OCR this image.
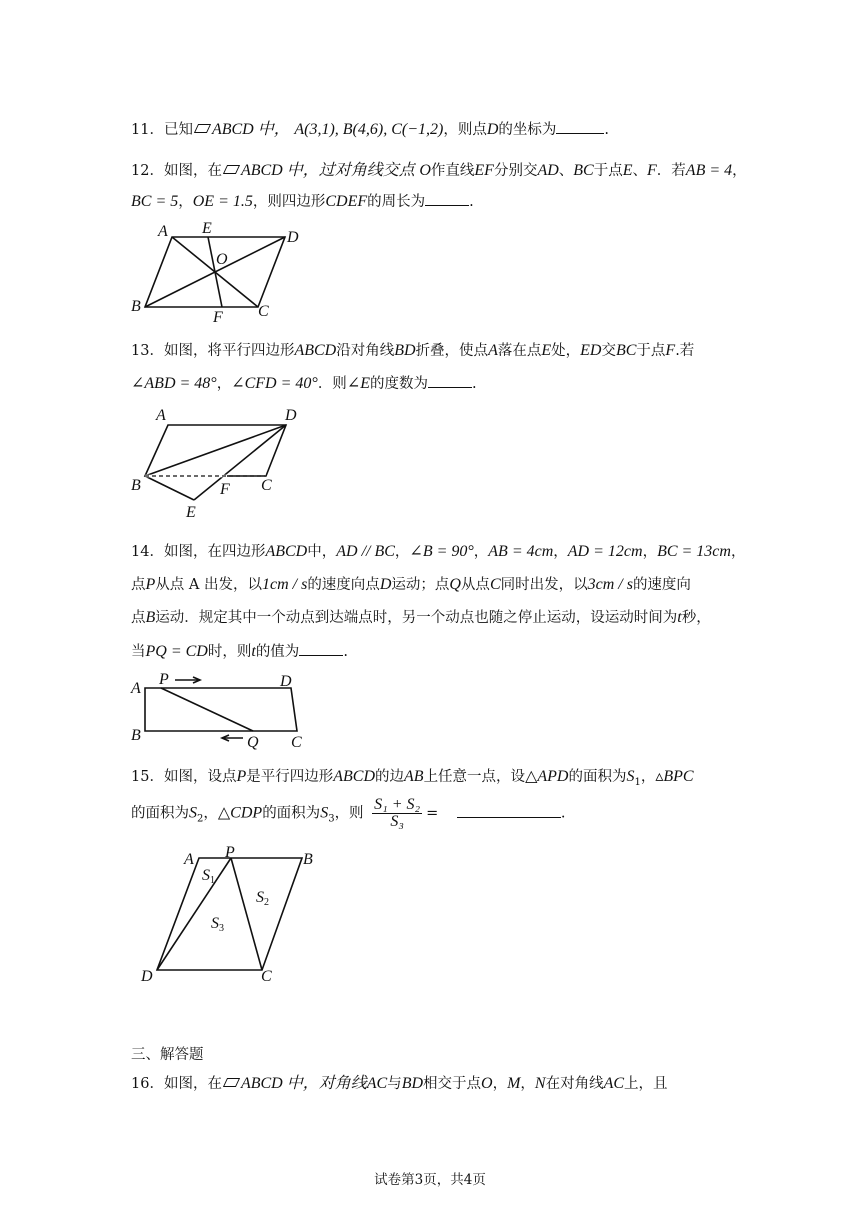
11．已知 ABCD 中， A(3,1), B(4,6), C(−1,2)，则点D的坐标为	.
12．如图，在 ABCD 中，过对角线交点 O作直线EF分别交AD、BC于点E、F．若AB = 4，
BC = 5，OE = 1.5，则四边形CDEF的周长为	.
A E
D
O
B
F C
13．如图，将平行四边形ABCD沿对角线BD折叠，使点A落在点E处，ED交BC于点F.若
∠ABD = 48°，∠CFD = 40°．则∠E的度数为	.
A	D
B	F C
E
14．如图，在四边形ABCD中，AD // BC，∠B = 90°，AB = 4cm，AD = 12cm，BC = 13cm，
点P从点 A 出发，以1cm / s的速度向点D运动；点Q从点C同时出发，以3cm / s的速度向
点B运动．规定其中一个动点到达端点时，另一个动点也随之停止运动，设运动时间为t秒，
当PQ = CD时，则t的值为	.
A
P	D
B	Q C
15．如图，设点P是平行四边形ABCD的边AB上任意一点，设△APD的面积为$S_1$，▵BPC
的面积为$S_2$，△CDP的面积为$S_3$，则 $\frac{\text{S₁ + S₂}}{\text{S₃}}$ =	.
A P	B
S1
S2
S3
D	C
三、解答题
16．如图，在 ABCD 中，对角线AC与BD相交于点O，M，N在对角线AC上，且
试卷第3页，共4页
